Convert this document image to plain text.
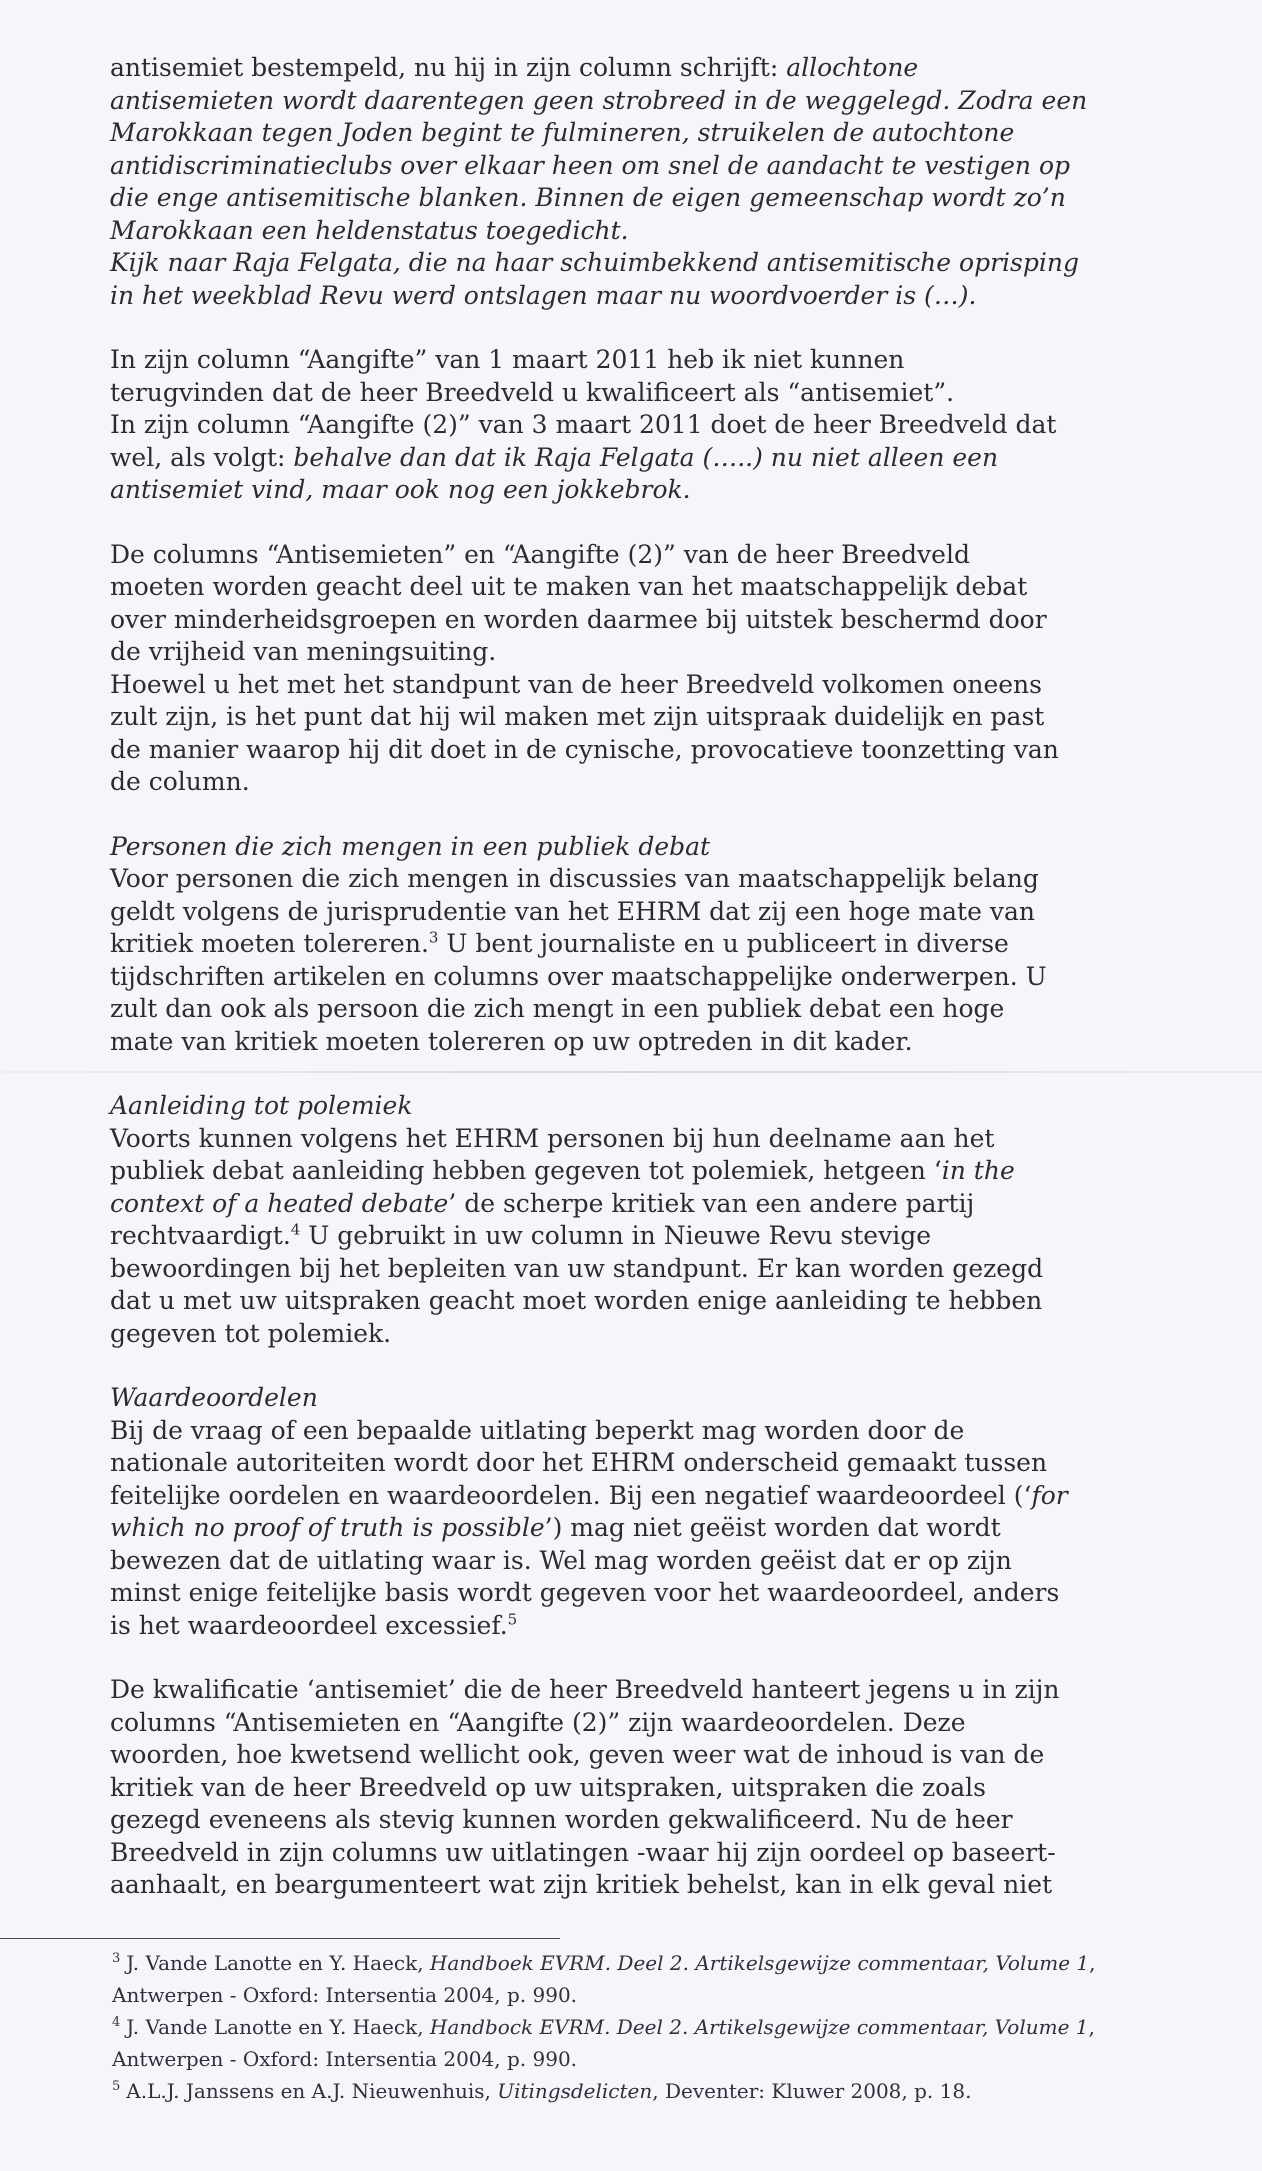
antisemiet bestempeld, nu hij in zijn column schrijft: allochtone

antisemieten wordt daarentegen geen strobreed in de weggelegd. Zodra een

Marokkaan tegen Joden begint te fulmineren, struikelen de autochtone

antidiscriminatieclubs over elkaar heen om snel de aandacht te vestigen op

die enge antisemitische blanken. Binnen de eigen gemeenschap wordt zo’n

Marokkaan een heldenstatus toegedicht.

Kijk naar Raja Felgata, die na haar schuimbekkend antisemitische oprisping

in het weekblad Revu werd ontslagen maar nu woordvoerder is (…).

In zijn column “Aangifte” van 1 maart 2011 heb ik niet kunnen

terugvinden dat de heer Breedveld u kwalificeert als “antisemiet”.

In zijn column “Aangifte (2)” van 3 maart 2011 doet de heer Breedveld dat

wel, als volgt: behalve dan dat ik Raja Felgata (…..) nu niet alleen een

antisemiet vind, maar ook nog een jokkebrok.

De columns “Antisemieten” en “Aangifte (2)” van de heer Breedveld

moeten worden geacht deel uit te maken van het maatschappelijk debat

over minderheidsgroepen en worden daarmee bij uitstek beschermd door

de vrijheid van meningsuiting.

Hoewel u het met het standpunt van de heer Breedveld volkomen oneens

zult zijn, is het punt dat hij wil maken met zijn uitspraak duidelijk en past

de manier waarop hij dit doet in de cynische, provocatieve toonzetting van

de column.

Personen die zich mengen in een publiek debat

Voor personen die zich mengen in discussies van maatschappelijk belang

geldt volgens de jurisprudentie van het EHRM dat zij een hoge mate van

kritiek moeten tolereren.$^3$ U bent journaliste en u publiceert in diverse

tijdschriften artikelen en columns over maatschappelijke onderwerpen. U

zult dan ook als persoon die zich mengt in een publiek debat een hoge

mate van kritiek moeten tolereren op uw optreden in dit kader.

Aanleiding tot polemiek

Voorts kunnen volgens het EHRM personen bij hun deelname aan het

publiek debat aanleiding hebben gegeven tot polemiek, hetgeen ‘in the

context of a heated debate’ de scherpe kritiek van een andere partij

rechtvaardigt.$^4$ U gebruikt in uw column in Nieuwe Revu stevige

bewoordingen bij het bepleiten van uw standpunt. Er kan worden gezegd

dat u met uw uitspraken geacht moet worden enige aanleiding te hebben

gegeven tot polemiek.

Waardeoordelen

Bij de vraag of een bepaalde uitlating beperkt mag worden door de

nationale autoriteiten wordt door het EHRM onderscheid gemaakt tussen

feitelijke oordelen en waardeoordelen. Bij een negatief waardeoordeel (‘for

which no proof of truth is possible’) mag niet geëist worden dat wordt

bewezen dat de uitlating waar is. Wel mag worden geëist dat er op zijn

minst enige feitelijke basis wordt gegeven voor het waardeoordeel, anders

is het waardeoordeel excessief.$^5$

De kwalificatie ‘antisemiet’ die de heer Breedveld hanteert jegens u in zijn

columns “Antisemieten en “Aangifte (2)” zijn waardeoordelen. Deze

woorden, hoe kwetsend wellicht ook, geven weer wat de inhoud is van de

kritiek van de heer Breedveld op uw uitspraken, uitspraken die zoals

gezegd eveneens als stevig kunnen worden gekwalificeerd. Nu de heer

Breedveld in zijn columns uw uitlatingen -waar hij zijn oordeel op baseert-

aanhaalt, en beargumenteert wat zijn kritiek behelst, kan in elk geval niet

$^3$ J. Vande Lanotte en Y. Haeck, Handboek EVRM. Deel 2. Artikelsgewijze commentaar, Volume 1,

Antwerpen - Oxford: Intersentia 2004, p. 990.

$^4$ J. Vande Lanotte en Y. Haeck, Handbock EVRM. Deel 2. Artikelsgewijze commentaar, Volume 1,

Antwerpen - Oxford: Intersentia 2004, p. 990.

$^5$ A.L.J. Janssens en A.J. Nieuwenhuis, Uitingsdelicten, Deventer: Kluwer 2008, p. 18.
